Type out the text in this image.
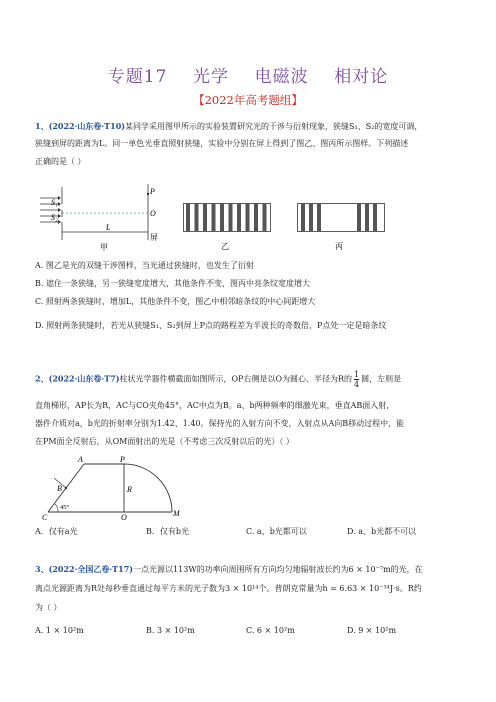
专题17    光学    电磁波    相对论
【2022年高考题组】
1、(2022·山东卷·T10)某同学采用图甲所示的实验装置研究光的干涉与衍射现象，狭缝S₁、S₂的宽度可调，
狭缝到屏的距离为L。同一单色光垂直照射狭缝，实验中分别在屏上得到了图乙、图丙所示图样。下列描述
正确的是（ ）
S₁
S₂
P
O
L
屏
甲	乙	丙
A. 图乙是光的双缝干涉图样，当光通过狭缝时，也发生了衍射
B. 遮住一条狭缝，另一狭缝宽度增大，其他条件不变，图丙中亮条纹宽度增大
C. 照射两条狭缝时，增加L，其他条件不变，图乙中相邻暗条纹的中心间距增大
D. 照射两条狭缝时，若光从狭缝S₁、S₂到屏上P点的路程差为半波长的奇数倍，P点处一定是暗条纹
2、(2022·山东卷·T7)柱状光学器件横截面如图所示，OP右侧是以O为圆心、半径为R的 $\frac{1}{4}$ 圆，左则是
直角梯形，AP长为R，AC与CO夹角45°，AC中点为B。a、b两种频率的细激光束，垂直AB面入射，
器件介质对a，b光的折射率分别为1.42、1.40。保持光的入射方向不变，入射点从A向B移动过程中，能
在PM面全反射后，从OM面射出的光是（不考虑三次反射以后的光）（ ）
A
B
C
P
R
O	M
45°
A．仅有a光	B．仅有b光	C. a、b光都可以	D. a、b光都不可以
3、(2022·全国乙卷·T17)一点光源以113W的功率向周围所有方向均匀地辐射波长约为6 × 10⁻⁷m的光，在
离点光源距离为R处每秒垂直通过每平方米的光子数为3 × 10¹⁴个。普朗克常量为h = 6.63 × 10⁻³⁴J·s。R约
为（ ）
A. 1 × 10²m	B. 3 × 10²m	C. 6 × 10²m	D. 9 × 10²m
